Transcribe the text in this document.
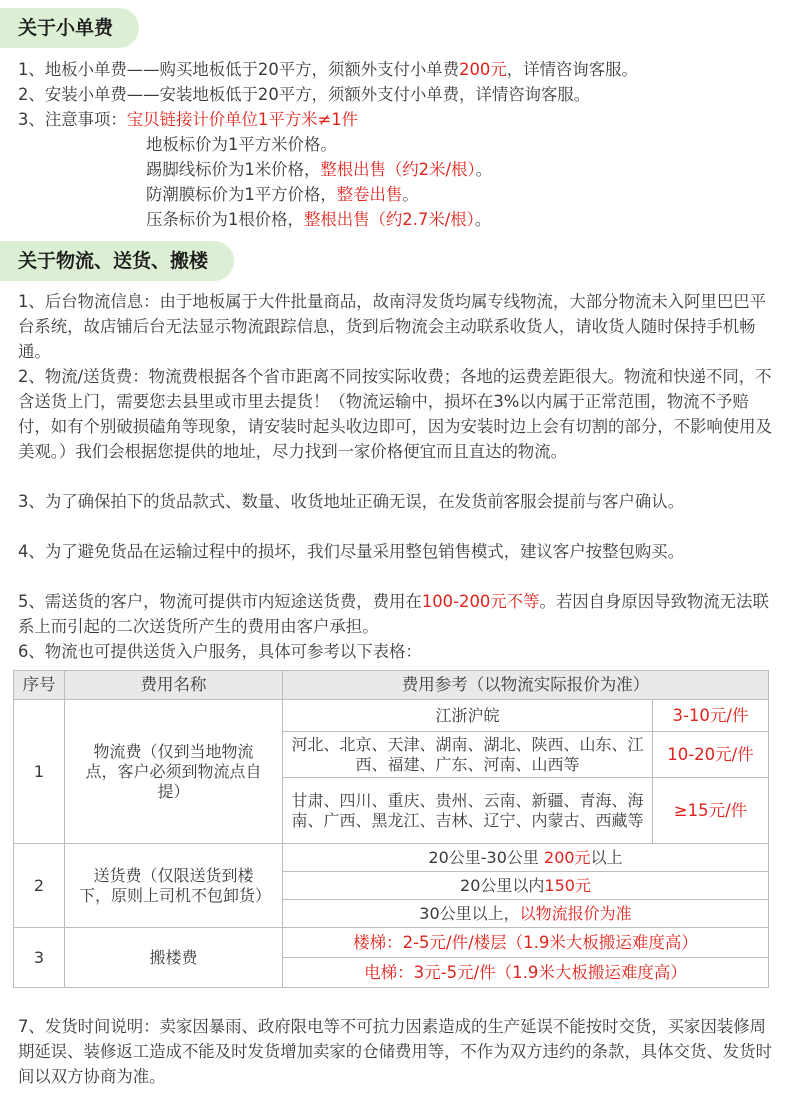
关于小单费
1、地板小单费——购买地板低于20平方，须额外支付小单费200元，详情咨询客服。
2、安装小单费——安装地板低于20平方，须额外支付小单费，详情咨询客服。
3、注意事项：宝贝链接计价单位1平方米≠1件
地板标价为1平方米价格。
踢脚线标价为1米价格，整根出售（约2米/根）。
防潮膜标价为1平方价格，整卷出售。
压条标价为1根价格，整根出售（约2.7米/根）。
关于物流、送货、搬楼
1、后台物流信息：由于地板属于大件批量商品，故南浔发货均属专线物流，大部分物流未入阿里巴巴平台系统，故店铺后台无法显示物流跟踪信息，货到后物流会主动联系收货人，请收货人随时保持手机畅通。
2、物流/送货费：物流费根据各个省市距离不同按实际收费；各地的运费差距很大。物流和快递不同，不含送货上门，需要您去县里或市里去提货！（物流运输中，损坏在3%以内属于正常范围，物流不予赔付，如有个别破损磕角等现象，请安装时起头收边即可，因为安装时边上会有切割的部分，不影响使用及美观。）我们会根据您提供的地址，尽力找到一家价格便宜而且直达的物流。
3、为了确保拍下的货品款式、数量、收货地址正确无误，在发货前客服会提前与客户确认。
4、为了避免货品在运输过程中的损坏，我们尽量采用整包销售模式，建议客户按整包购买。
5、需送货的客户，物流可提供市内短途送货费，费用在100-200元不等。若因自身原因导致物流无法联系上而引起的二次送货所产生的费用由客户承担。
6、物流也可提供送货入户服务，具体可参考以下表格：
序号	费用名称	费用参考（以物流实际报价为准）	
1	物流费（仅到当地物流点，客户必须到物流点自提）	江浙沪皖	3-10元/件
		河北、北京、天津、湖南、湖北、陕西、山东、江西、福建、广东、河南、山西等	10-20元/件
		甘肃、四川、重庆、贵州、云南、新疆、青海、海南、广西、黑龙江、吉林、辽宁、内蒙古、西藏等	≥15元/件
2	送货费（仅限送货到楼下，原则上司机不包卸货）	20公里-30公里 200元以上	
		20公里以内150元	
		30公里以上，以物流报价为准	
3	搬楼费	楼梯：2-5元/件/楼层（1.9米大板搬运难度高）	
		电梯：3元-5元/件（1.9米大板搬运难度高）	
7、发货时间说明：卖家因暴雨、政府限电等不可抗力因素造成的生产延误不能按时交货，买家因装修周期延误、装修返工造成不能及时发货增加卖家的仓储费用等，不作为双方违约的条款，具体交货、发货时间以双方协商为准。
